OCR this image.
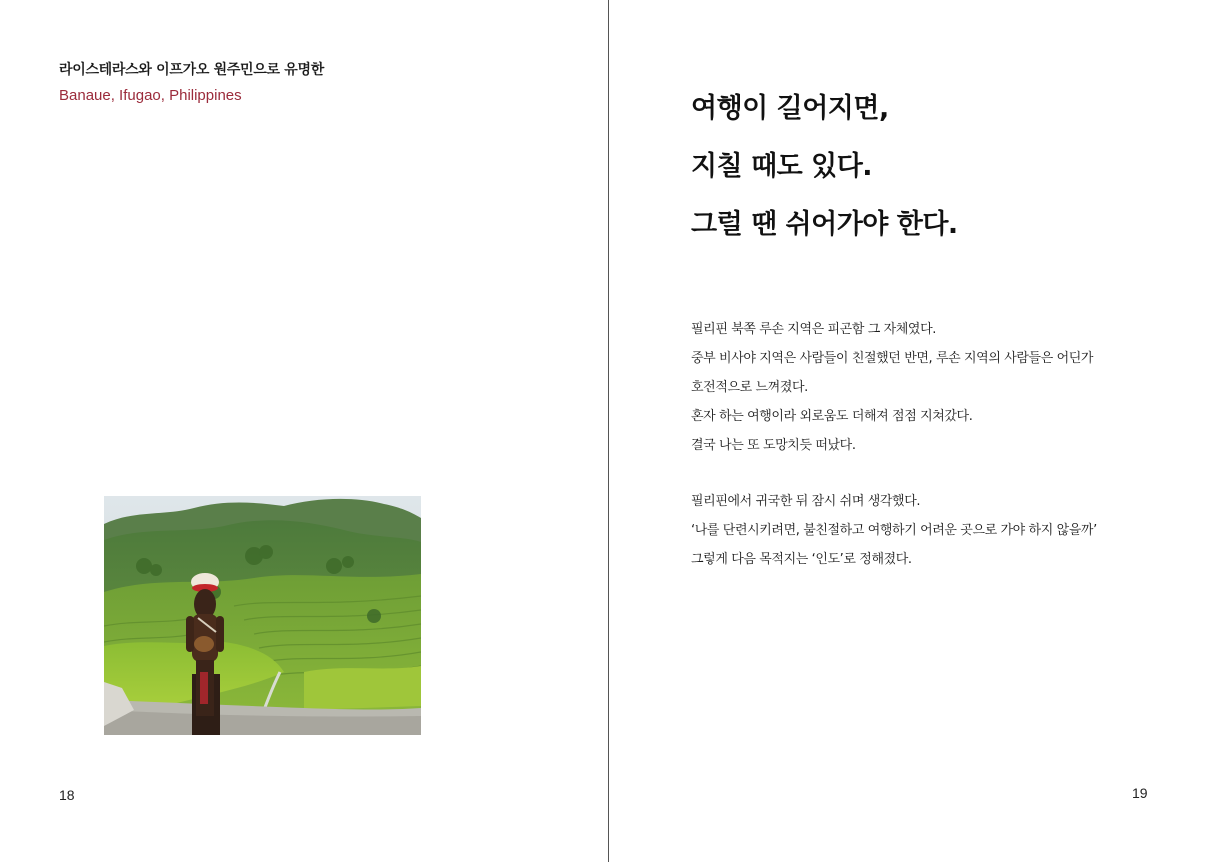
라이스테라스와 이프가오 원주민으로 유명한
Banaue, Ifugao, Philippines
18
여행이 길어지면,
지칠 때도 있다.
그럴 땐 쉬어가야 한다.
필리핀 북쪽 루손 지역은 피곤함 그 자체였다.
중부 비사야 지역은 사람들이 친절했던 반면, 루손 지역의 사람들은 어딘가
호전적으로 느껴졌다.
혼자 하는 여행이라 외로움도 더해져 점점 지쳐갔다.
결국 나는 또 도망치듯 떠났다.
필리핀에서 귀국한 뒤 잠시 쉬며 생각했다.
‘나를 단련시키려면, 불친절하고 여행하기 어려운 곳으로 가야 하지 않을까’
그렇게 다음 목적지는 ‘인도’로 정해졌다.
19
